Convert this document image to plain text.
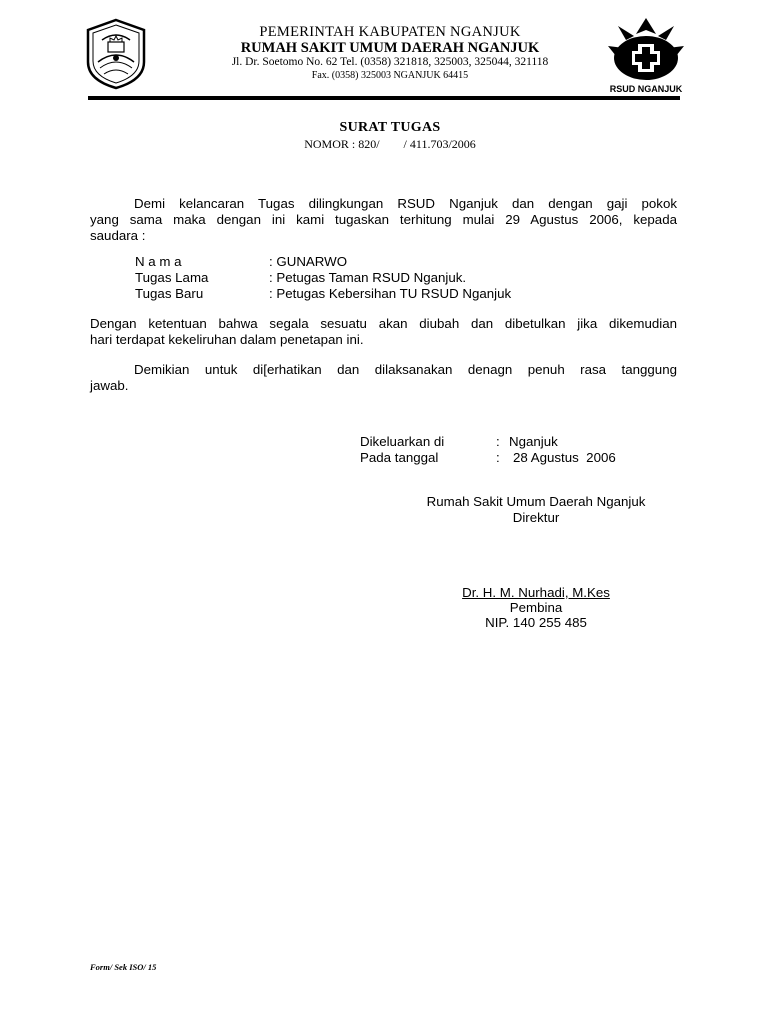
RSUD NGANJUK
PEMERINTAH KABUPATEN NGANJUK
RUMAH SAKIT UMUM DAERAH NGANJUK
Jl. Dr. Soetomo No. 62 Tel. (0358) 321818, 325003, 325044, 321118
Fax. (0358) 325003 NGANJUK 64415
SURAT TUGAS
NOMOR : 820/        / 411.703/2006
Demi kelancaran Tugas dilingkungan RSUD Nganjuk dan dengan gaji pokok
yang sama maka dengan ini kami tugaskan terhitung mulai 29 Agustus 2006, kepada
saudara :
N a m a	: GUNARWO
Tugas Lama	: Petugas Taman RSUD Nganjuk.
Tugas Baru	: Petugas Kebersihan TU RSUD Nganjuk
Dengan ketentuan bahwa segala sesuatu akan diubah dan dibetulkan jika dikemudian
hari terdapat kekeliruhan dalam penetapan ini.
Demikian untuk di[erhatikan dan dilaksanakan denagn penuh rasa tanggung
jawab.
Dikeluarkan di	: Nganjuk
Pada tanggal	: 28 Agustus  2006
Rumah Sakit Umum Daerah Nganjuk
Direktur
Dr. H. M. Nurhadi, M.Kes
Pembina
NIP. 140 255 485
Form/ Sek ISO/ 15
